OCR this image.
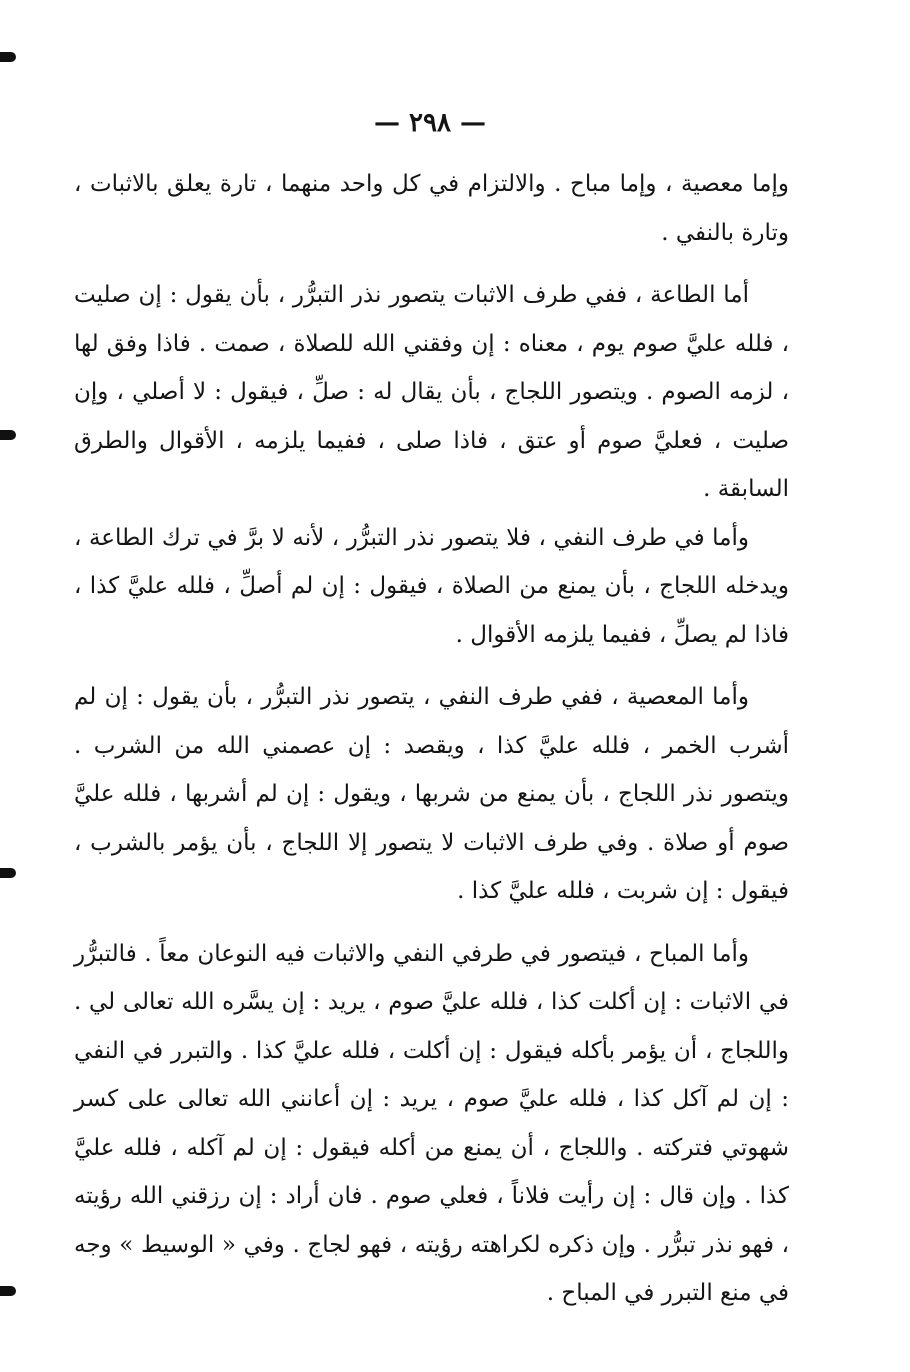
— ٢٩٨ —

وإما معصية ، وإما مباح . والالتزام في كل واحد منهما ، تارة يعلق بالاثبات ، وتارة بالنفي .

أما الطاعة ، ففي طرف الاثبات يتصور نذر التبرُّر ، بأن يقول : إن صليت ، فلله عليَّ صوم يوم ، معناه : إن وفقني الله للصلاة ، صمت . فاذا وفق لها ، لزمه الصوم . ويتصور اللجاج ، بأن يقال له : صلِّ ، فيقول : لا أصلي ، وإن صليت ، فعليَّ صوم أو عتق ، فاذا صلى ، ففيما يلزمه ، الأقوال والطرق السابقة .

وأما في طرف النفي ، فلا يتصور نذر التبرُّر ، لأنه لا برَّ في ترك الطاعة ، ويدخله اللجاج ، بأن يمنع من الصلاة ، فيقول : إن لم أصلِّ ، فلله عليَّ كذا ، فاذا لم يصلِّ ، ففيما يلزمه الأقوال .

وأما المعصية ، ففي طرف النفي ، يتصور نذر التبرُّر ، بأن يقول : إن لم أشرب الخمر ، فلله عليَّ كذا ، ويقصد : إن عصمني الله من الشرب . ويتصور نذر اللجاج ، بأن يمنع من شربها ، ويقول : إن لم أشربها ، فلله عليَّ صوم أو صلاة . وفي طرف الاثبات لا يتصور إلا اللجاج ، بأن يؤمر بالشرب ، فيقول : إن شربت ، فلله عليَّ كذا .

وأما المباح ، فيتصور في طرفي النفي والاثبات فيه النوعان معاً . فالتبرُّر في الاثبات : إن أكلت كذا ، فلله عليَّ صوم ، يريد : إن يسَّره الله تعالى لي . واللجاج ، أن يؤمر بأكله فيقول : إن أكلت ، فلله عليَّ كذا . والتبرر في النفي : إن لم آكل كذا ، فلله عليَّ صوم ، يريد : إن أعانني الله تعالى على كسر شهوتي فتركته . واللجاج ، أن يمنع من أكله فيقول : إن لم آكله ، فلله عليَّ كذا . وإن قال : إن رأيت فلاناً ، فعلي صوم . فان أراد : إن رزقني الله رؤيته ، فهو نذر تبرُّر . وإن ذكره لكراهته رؤيته ، فهو لجاج . وفي « الوسيط » وجه في منع التبرر في المباح .
